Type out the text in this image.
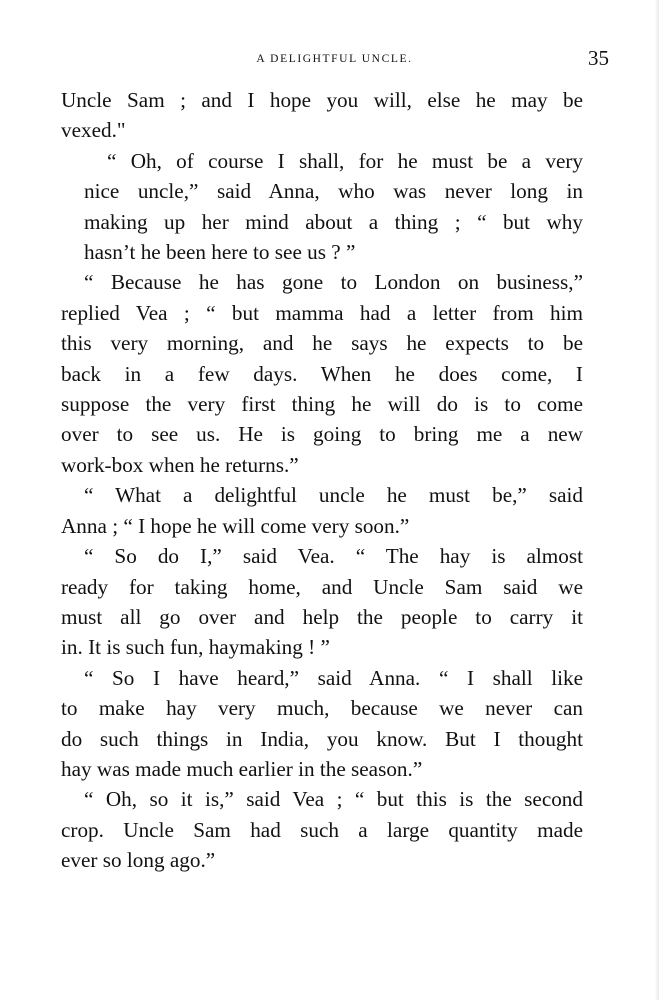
A DELIGHTFUL UNCLE.	35

Uncle Sam ; and I hope you will, else he may be
vexed."

“ Oh, of course I shall, for he must be a very
nice uncle,” said Anna, who was never long in
making up her mind about a thing ; “ but why
hasn’t he been here to see us ? ”

“ Because he has gone to London on business,”
replied Vea ; “ but mamma had a letter from him
this very morning, and he says he expects to be
back in a few days. When he does come, I
suppose the very first thing he will do is to come
over to see us. He is going to bring me a new
work-box when he returns.”

“ What a delightful uncle he must be,” said
Anna ; “ I hope he will come very soon.”

“ So do I,” said Vea. “ The hay is almost
ready for taking home, and Uncle Sam said we
must all go over and help the people to carry it
in. It is such fun, haymaking ! ”

“ So I have heard,” said Anna. “ I shall like
to make hay very much, because we never can
do such things in India, you know. But I thought
hay was made much earlier in the season.”

“ Oh, so it is,” said Vea ; “ but this is the second
crop. Uncle Sam had such a large quantity made
ever so long ago.”
